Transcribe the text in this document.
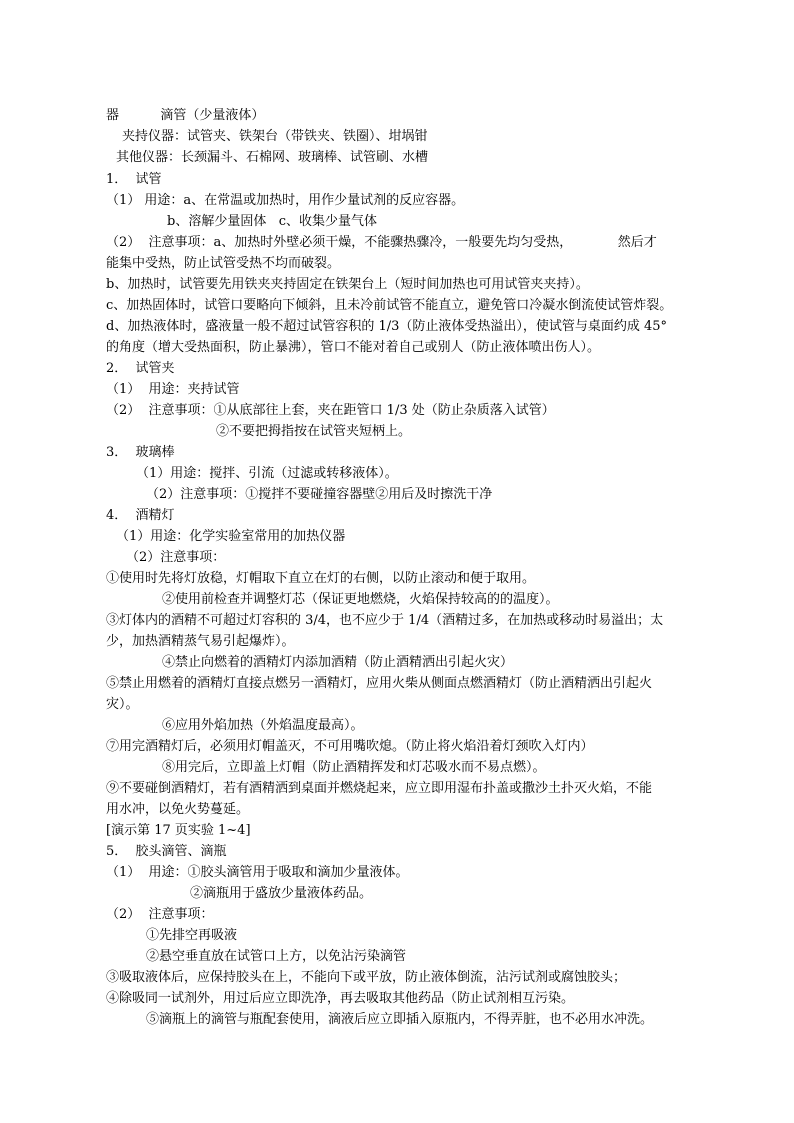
器          滴管（少量液体）
夹持仪器：试管夹、铁架台（带铁夹、铁圈）、坩埚钳
其他仪器：长颈漏斗、石棉网、玻璃棒、试管刷、水槽
1．  试管
（1） 用途：a、在常温或加热时，用作少量试剂的反应容器。
b、溶解少量固体   c、收集少量气体
（2）  注意事项：a、加热时外壁必须干燥，不能骤热骤冷，一般要先均匀受热，           然后才
能集中受热，防止试管受热不均而破裂。
b、加热时，试管要先用铁夹夹持固定在铁架台上（短时间加热也可用试管夹夹持）。
c、加热固体时，试管口要略向下倾斜，且未冷前试管不能直立，避免管口冷凝水倒流使试管炸裂。
d、加热液体时，盛液量一般不超过试管容积的 1/3（防止液体受热溢出），使试管与桌面约成 45°
的角度（增大受热面积，防止暴沸），管口不能对着自己或别人（防止液体喷出伤人）。
2．  试管夹
（1）  用途：夹持试管
（2）  注意事项：①从底部往上套，夹在距管口 1/3 处（防止杂质落入试管）
②不要把拇指按在试管夹短柄上。
3．  玻璃棒
（1）用途：搅拌、引流（过滤或转移液体）。
（2）注意事项：①搅拌不要碰撞容器壁②用后及时擦洗干净
4．  酒精灯
（1）用途：化学实验室常用的加热仪器
（2）注意事项：
①使用时先将灯放稳，灯帽取下直立在灯的右侧，以防止滚动和便于取用。
②使用前检查并调整灯芯（保证更地燃烧，火焰保持较高的的温度）。
③灯体内的酒精不可超过灯容积的 3/4，也不应少于 1/4（酒精过多，在加热或移动时易溢出；太
少，加热酒精蒸气易引起爆炸）。
④禁止向燃着的酒精灯内添加酒精（防止酒精洒出引起火灾）
⑤禁止用燃着的酒精灯直接点燃另一酒精灯，应用火柴从侧面点燃酒精灯（防止酒精洒出引起火
灾）。
⑥应用外焰加热（外焰温度最高）。
⑦用完酒精灯后，必须用灯帽盖灭，不可用嘴吹熄。（防止将火焰沿着灯颈吹入灯内）
⑧用完后，立即盖上灯帽（防止酒精挥发和灯芯吸水而不易点燃）。
⑨不要碰倒酒精灯，若有酒精洒到桌面并燃烧起来，应立即用湿布扑盖或撒沙土扑灭火焰，不能
用水冲，以免火势蔓延。
[演示第 17 页实验 1~4]
5．  胶头滴管、滴瓶
（1）  用途：①胶头滴管用于吸取和滴加少量液体。
②滴瓶用于盛放少量液体药品。
（2）  注意事项：
①先排空再吸液
②悬空垂直放在试管口上方，以免沾污染滴管
③吸取液体后，应保持胶头在上，不能向下或平放，防止液体倒流，沾污试剂或腐蚀胶头；
④除吸同一试剂外，用过后应立即洗净，再去吸取其他药品（防止试剂相互污染。
⑤滴瓶上的滴管与瓶配套使用，滴液后应立即插入原瓶内，不得弄脏，也不必用水冲洗。
